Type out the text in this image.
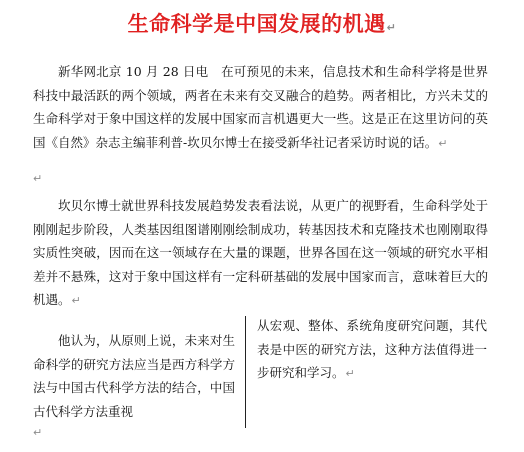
生命科学是中国发展的机遇↵
新华网北京 10 月 28 日电　在可预见的未来，信息技术和生命科学将是世界科技中最活跃的两个领域，两者在未来有交叉融合的趋势。两者相比，方兴未艾的生命科学对于象中国这样的发展中国家而言机遇更大一些。这是正在这里访问的英国《自然》杂志主编菲利普-坎贝尔博士在接受新华社记者采访时说的话。↵
↵
坎贝尔博士就世界科技发展趋势发表看法说，从更广的视野看，生命科学处于刚刚起步阶段，人类基因组图谱刚刚绘制成功，转基因技术和克隆技术也刚刚取得实质性突破，因而在这一领域存在大量的课题，世界各国在这一领域的研究水平相差并不悬殊，这对于象中国这样有一定科研基础的发展中国家而言，意味着巨大的机遇。↵
他认为，从原则上说，未来对生命科学的研究方法应当是西方科学方法与中国古代科学方法的结合，中国古代科学方法重视
从宏观、整体、系统角度研究问题，其代表是中医的研究方法，这种方法值得进一步研究和学习。↵
↵
